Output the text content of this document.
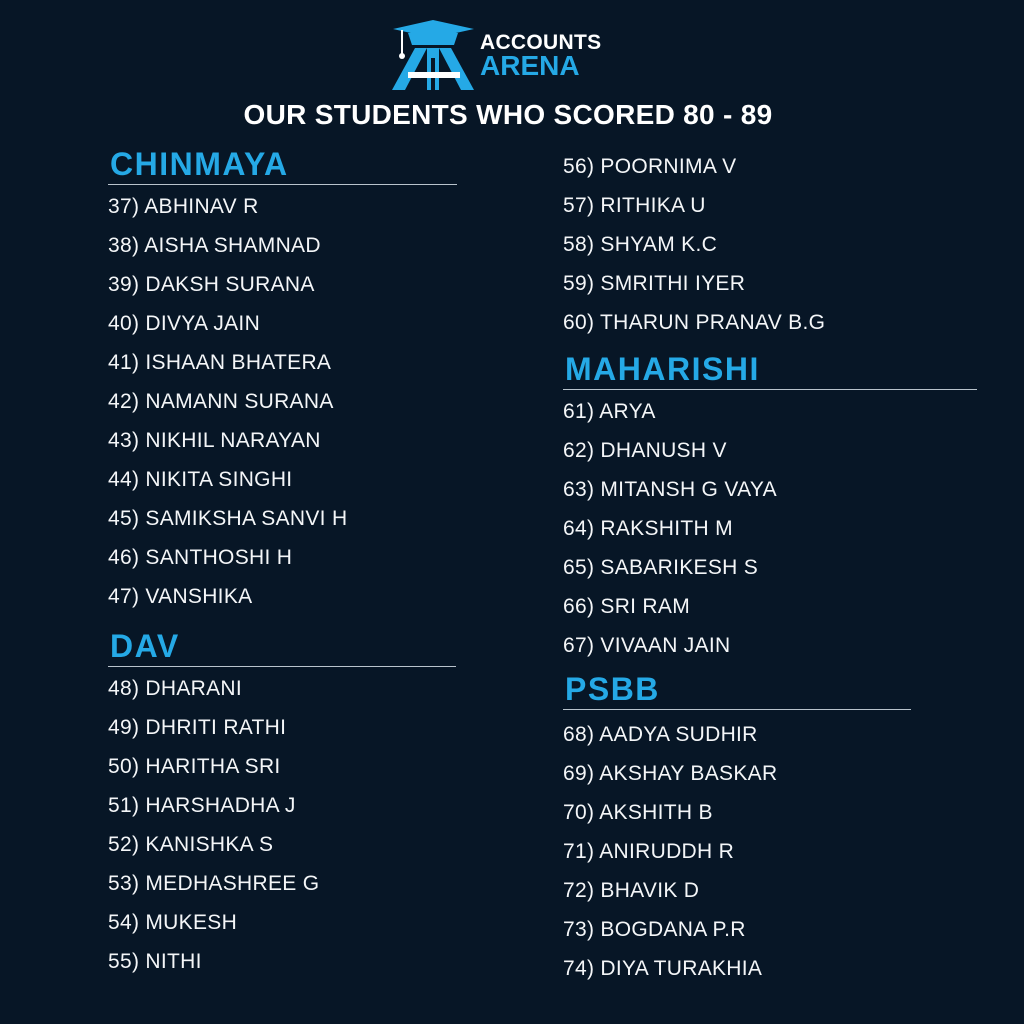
ACCOUNTS
ARENA
OUR STUDENTS WHO SCORED 80 - 89
CHINMAYA
37) ABHINAV R
38) AISHA SHAMNAD
39) DAKSH SURANA
40) DIVYA JAIN
41) ISHAAN BHATERA
42) NAMANN SURANA
43) NIKHIL NARAYAN
44) NIKITA SINGHI
45) SAMIKSHA SANVI H
46) SANTHOSHI H
47) VANSHIKA
DAV
48) DHARANI
49) DHRITI RATHI
50) HARITHA SRI
51) HARSHADHA J
52) KANISHKA S
53) MEDHASHREE G
54) MUKESH
55) NITHI
56) POORNIMA V
57) RITHIKA U
58) SHYAM K.C
59) SMRITHI IYER
60) THARUN PRANAV B.G
MAHARISHI
61) ARYA
62) DHANUSH V
63) MITANSH G VAYA
64) RAKSHITH M
65) SABARIKESH S
66) SRI RAM
67) VIVAAN JAIN
PSBB
68) AADYA SUDHIR
69) AKSHAY BASKAR
70) AKSHITH B
71) ANIRUDDH R
72) BHAVIK D
73) BOGDANA P.R
74) DIYA TURAKHIA
